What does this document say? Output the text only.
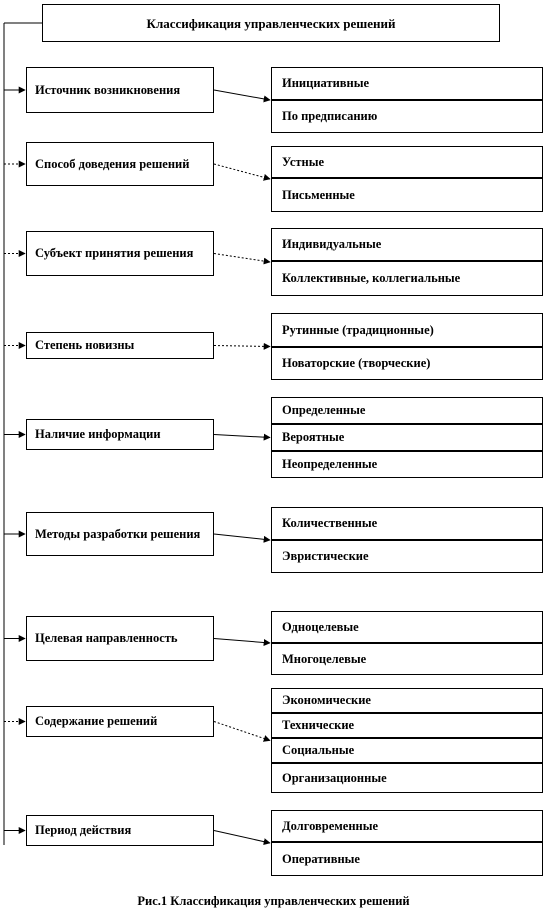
Классификация управленческих решений
Источник возникновения	Инициативные
По предписанию
Способ доведения решений	Устные
Письменные
Субъект принятия решения
Индивидуальные
Коллективные, коллегиальные
Степень новизны
Рутинные (традиционные)
Новаторские (творческие)
Наличие информации
Определенные
Вероятные
Неопределенные
Методы разработки решения
Количественные
Эвристические
Целевая направленность
Одноцелевые
Многоцелевые
Содержание решений
Экономические
Технические
Социальные
Организационные
Период действия	Долговременные
Оперативные
Рис.1 Классификация управленческих решений
